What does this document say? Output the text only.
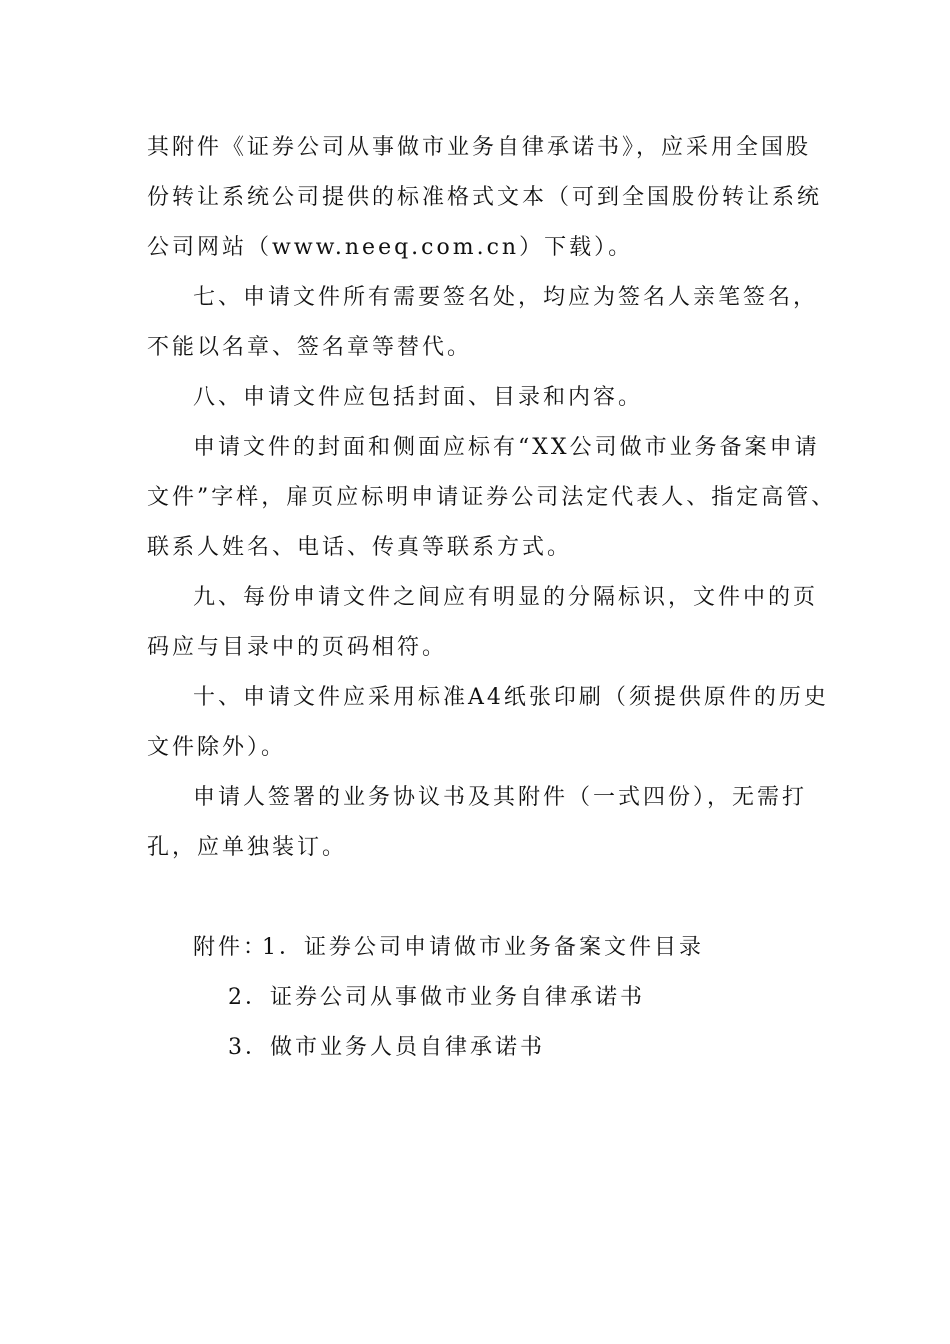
其附件《证券公司从事做市业务自律承诺书》，应采用全国股
份转让系统公司提供的标准格式文本（可到全国股份转让系统
公司网站（www.neeq.com.cn）下载）。
七、申请文件所有需要签名处，均应为签名人亲笔签名，
不能以名章、签名章等替代。
八、申请文件应包括封面、目录和内容。
申请文件的封面和侧面应标有“XX公司做市业务备案申请
文件”字样，扉页应标明申请证券公司法定代表人、指定高管、
联系人姓名、电话、传真等联系方式。
九、每份申请文件之间应有明显的分隔标识，文件中的页
码应与目录中的页码相符。
十、申请文件应采用标准A4纸张印刷（须提供原件的历史
文件除外）。
申请人签署的业务协议书及其附件（一式四份），无需打
孔，应单独装订。
附件：
1．证券公司申请做市业务备案文件目录
2．证券公司从事做市业务自律承诺书
3．做市业务人员自律承诺书
